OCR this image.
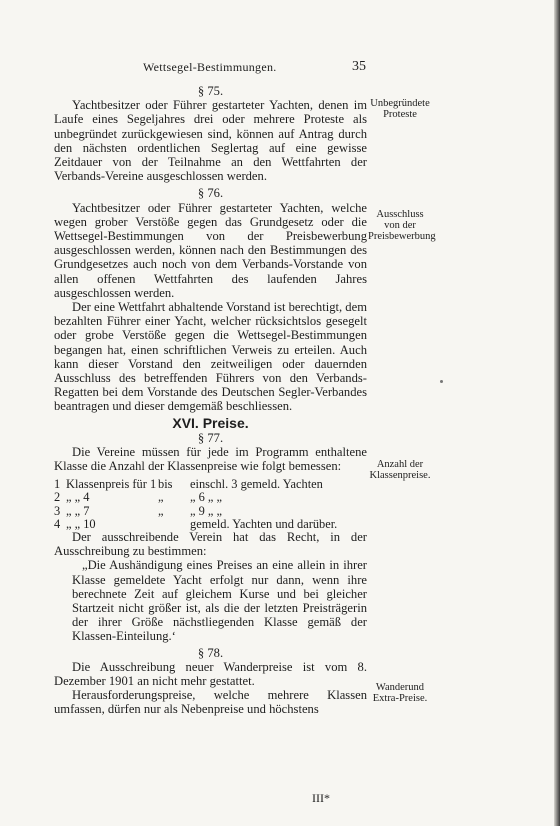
Wettsegel-Bestimmungen.	35

§ 75.

Yachtbesitzer oder Führer gestarteter Yachten, denen im Laufe eines Segeljahres drei oder mehrere Proteste als unbegründet zurückgewiesen sind, können auf Antrag durch den nächsten ordentlichen Seglertag auf eine gewisse Zeitdauer von der Teilnahme an den Wettfahrten der Verbands-Vereine ausgeschlossen werden.

§ 76.

Yachtbesitzer oder Führer gestarteter Yachten, welche wegen grober Verstöße gegen das Grundgesetz oder die Wettsegel-Bestimmungen von der Preisbewerbung ausgeschlossen werden, können nach den Bestimmungen des Grundgesetzes auch noch von dem Verbands-Vorstande von allen offenen Wettfahrten des laufenden Jahres ausgeschlossen werden.

Der eine Wettfahrt abhaltende Vorstand ist berechtigt, dem bezahlten Führer einer Yacht, welcher rücksichtslos gesegelt oder grobe Verstöße gegen die Wettsegel-Bestimmungen begangen hat, einen schriftlichen Verweis zu erteilen. Auch kann dieser Vorstand den zeitweiligen oder dauernden Ausschluss des betreffenden Führers von den Verbands-Regatten bei dem Vorstande des Deutschen Segler-Verbandes beantragen und dieser demgemäß beschliessen.

XVI. Preise.

§ 77.

Die Vereine müssen für jede im Programm enthaltene Klasse die Anzahl der Klassenpreise wie folgt bemessen:

1 Klassenpreis für 1 bis	einschl. 3 gemeld. Yachten
2 „ „ 4	„	„ 6 „ „
3 „ „ 7	„	„ 9 „ „
4 „ „ 10	gemeld. Yachten und darüber.

Der ausschreibende Verein hat das Recht, in der Ausschreibung zu bestimmen:

„Die Aushändigung eines Preises an eine allein in ihrer Klasse gemeldete Yacht erfolgt nur dann, wenn ihre berechnete Zeit auf gleichem Kurse und bei gleicher Startzeit nicht größer ist, als die der letzten Preisträgerin der ihrer Größe nächstliegenden Klasse gemäß der Klassen-Einteilung.‘

§ 78.

Die Ausschreibung neuer Wanderpreise ist vom 8. Dezember 1901 an nicht mehr gestattet.

Herausforderungspreise, welche mehrere Klassen umfassen, dürfen nur als Nebenpreise und höchstens

Unbegründete Proteste

Ausschluss von der Preisbewerbung

Anzahl der Klassenpreise.

Wanderund Extra-Preise.

III*
